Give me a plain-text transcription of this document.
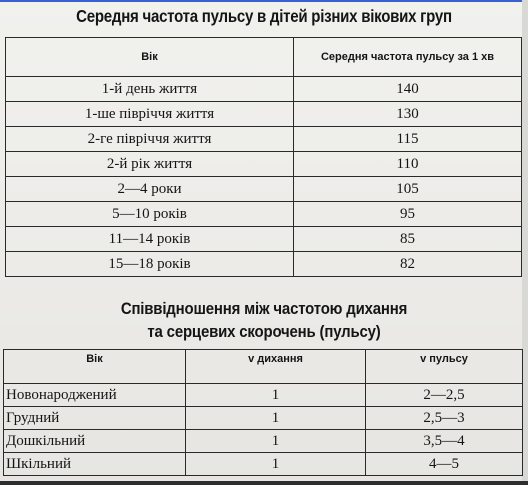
Середня частота пульсу в дітей різних вікових груп
Вік	Середня частота пульсу за 1 хв
1-й день життя	140
1-ше півріччя життя	130
2-ге півріччя життя	115
2-й рік життя	110
2—4 роки	105
5—10 років	95
11—14 років	85
15—18 років	82
Співвідношення між частотою дихання
та серцевих скорочень (пульсу)
Вік	v дихання	v пульсу
Новонароджений	1	2—2,5
Грудний	1	2,5—3
Дошкільний	1	3,5—4
Шкільний	1	4—5
